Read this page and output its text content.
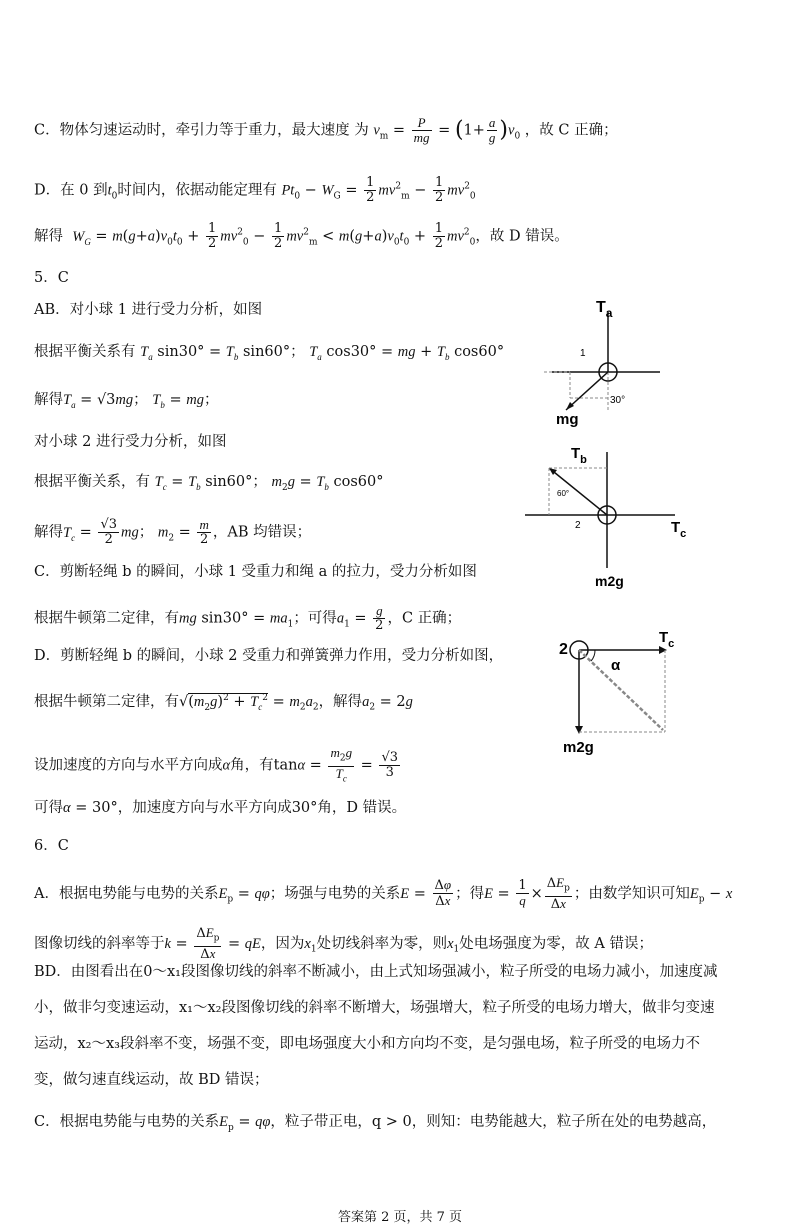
C．物体匀速运动时，牵引力等于重力，最大速度 为 $v_m = \frac{P}{mg} = (1+ \frac{a}{g} )v_0$ ，故 C 正确；
D．在 0 到$t_0$时间内，依据动能定理有 $Pt_0 - W_G = \frac{1}{2} mv^2_m - \frac{1}{2} mv^2_0$
解得 $W_G = m(g+a)v_0t_0 + \frac{1}{2} mv^2_0 - \frac{1}{2} mv^2_m < m(g+a)v_0t_0 + \frac{1}{2} mv^2_0$，故 D 错误。
5．C
AB．对小球 1 进行受力分析，如图
根据平衡关系有 $T_a$ $\sin 30^\circ = T_b$ sin60°； $T_a$ cos30° = mg + $T_b$ cos60°
解得$T_a = √3mg$； $T_b$ = mg；
对小球 2 进行受力分析，如图
根据平衡关系，有 $T_c = T_b$ sin60°； $m_2g = T_b$ cos60°
解得$T_c = \frac{√3}{2}$ mg； $m_2 = \frac{m}{2}$ ，AB 均错误；
C．剪断轻绳 b 的瞬间，小球 1 受重力和绳 a 的拉力，受力分析如图
根据牛顿第二定律，有mg $\sin 30^\circ = ma_1$；可得$a_1 = \frac{g}{2}$ ，C 正确；
D．剪断轻绳 b 的瞬间，小球 2 受重力和弹簧弹力作用，受力分析如图，
根据牛顿第二定律，有$√(m_2g)^2 + T_c^2 = m_2a_2$，解得$a_2 = 2g$
设加速度的方向与水平方向成α角，有$\tan\alpha = \frac{m_2g}{T_c} = \frac{√3}{3}$
可得α = 30°，加速度方向与水平方向成30°角，D 错误。
6．C
A．根据电势能与电势的关系$E_p = q\varphi$；场强与电势的关系$E = \frac{\Delta\varphi}{\Delta x}$ ；得$E = \frac{1}{q} \times \frac{\Delta E_p}{\Delta x}$ ；由数学知识可知$E_p - x$
图像切线的斜率等于$k = \frac{\Delta E_p}{\Delta x}$ = qE，因为$x_1$处切线斜率为零，则$x_1$处电场强度为零，故 A 错误；
BD．由图看出在0～x₁段图像切线的斜率不断减小，由上式知场强减小，粒子所受的电场力减小，加速度减
小，做非匀变速运动，x₁～x₂段图像切线的斜率不断增大，场强增大，粒子所受的电场力增大，做非匀变速
运动，x₂～x₃段斜率不变，场强不变，即电场强度大小和方向均不变，是匀强电场，粒子所受的电场力不
变，做匀速直线运动，故 BD 错误；
C．根据电势能与电势的关系$E_p = q\varphi$，粒子带正电，q > 0，则知：电势能越大，粒子所在处的电势越高，
$T_a$
1
30°
mg
$T_b$
60°
2	$T_c$
m2g
2
$T_c$
α
m2g
答案第 2 页，共 7 页
